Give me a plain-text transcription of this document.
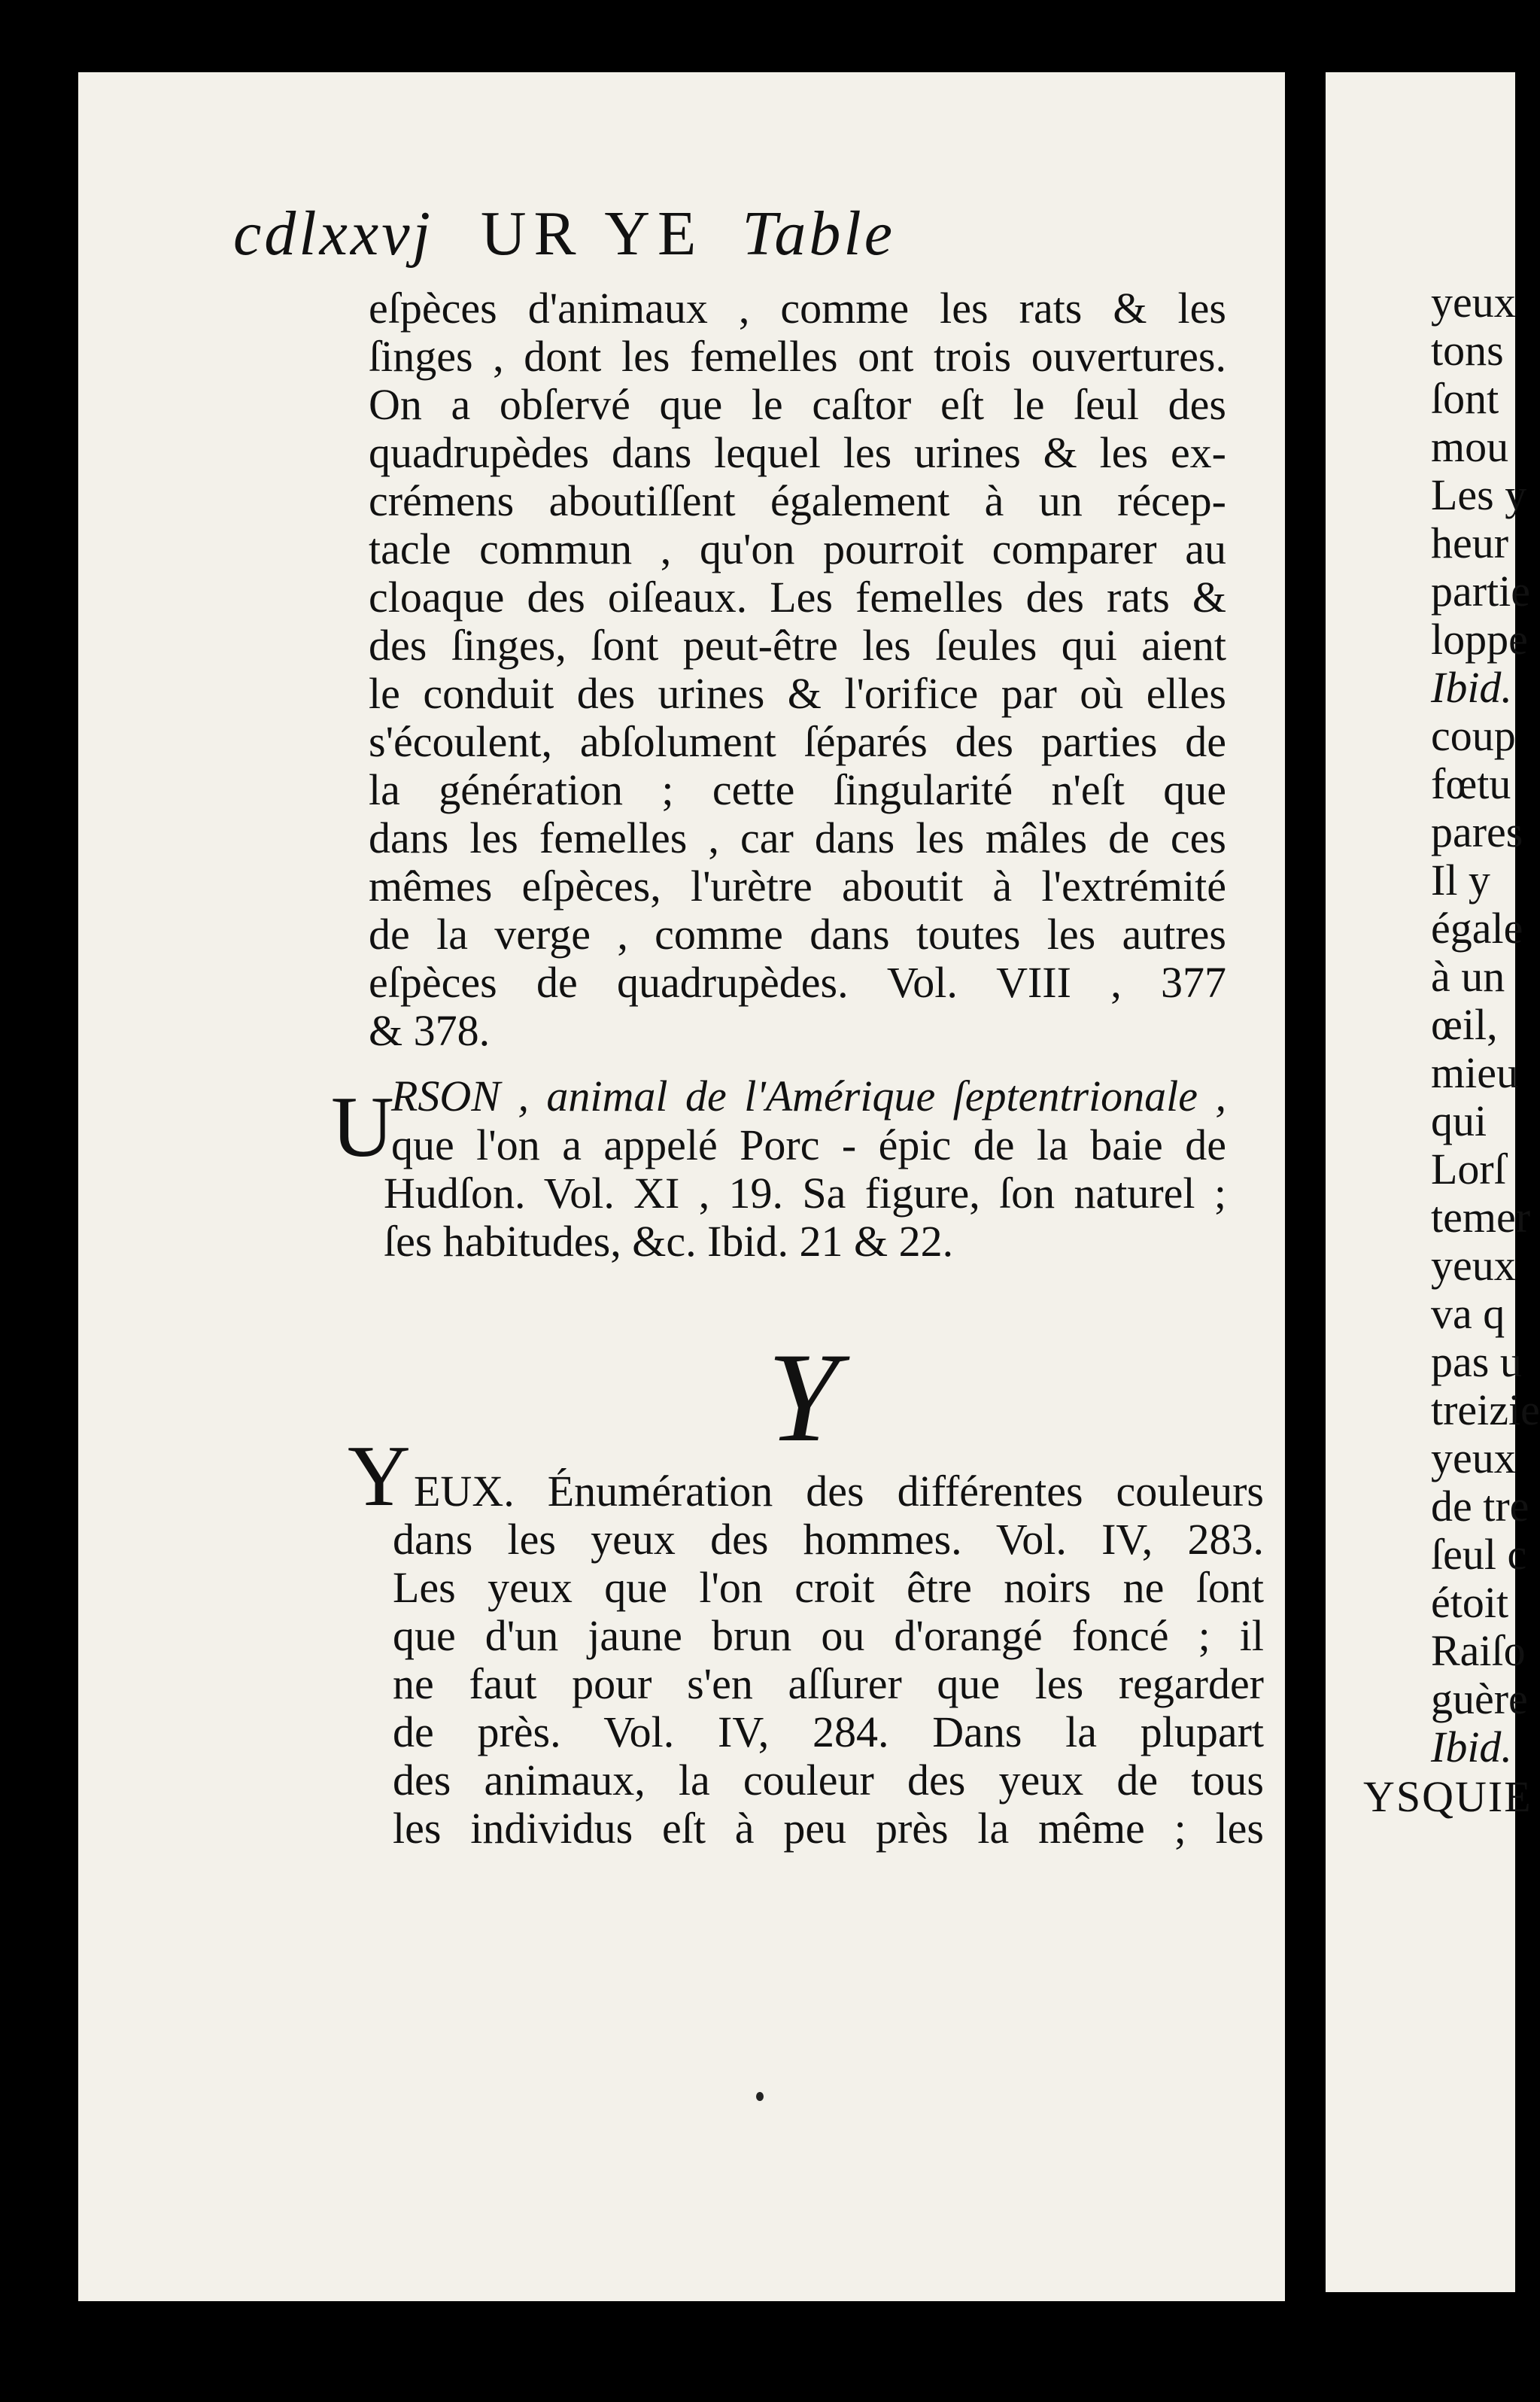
cdlxxvj UR YE Table
eſpèces d'animaux , comme les rats & les
ſinges , dont les femelles ont trois ouvertures.
On a obſervé que le caſtor eſt le ſeul des
quadrupèdes dans lequel les urines & les ex-
crémens aboutiſſent également à un récep-
tacle commun , qu'on pourroit comparer au
cloaque des oiſeaux. Les femelles des rats &
des ſinges, ſont peut-être les ſeules qui aient
le conduit des urines & l'orifice par où elles
s'écoulent, abſolument ſéparés des parties de
la génération ; cette ſingularité n'eſt que
dans les femelles , car dans les mâles de ces
mêmes eſpèces, l'urètre aboutit à l'extrémité
de la verge , comme dans toutes les autres
eſpèces de quadrupèdes. Vol. VIII , 377
& 378.
U
RSON , animal de l'Amérique ſeptentrionale ,
que l'on a appelé Porc - épic de la baie de
Hudſon. Vol. XI , 19. Sa figure, ſon naturel ;
ſes habitudes, &c. Ibid. 21 & 22.
Y
Y EUX. Énumération des différentes couleurs
dans les yeux des hommes. Vol. IV, 283.
Les yeux que l'on croit être noirs ne ſont
que d'un jaune brun ou d'orangé foncé ; il
ne faut pour s'en aſſurer que les regarder
de près. Vol. IV, 284. Dans la plupart
des animaux, la couleur des yeux de tous
les individus eſt à peu près la même ; les
yeux
tons
ſont
mou
Les y
heur
partie
loppe
Ibid.
coup
fœtu
pares
Il y
égale
à un
œil,
mieu
qui
Lorſ
temer
yeux
va q
pas u
treizie
yeux
de tre
ſeul c
étoit
Raiſo
guère
Ibid.
YSQUIE
